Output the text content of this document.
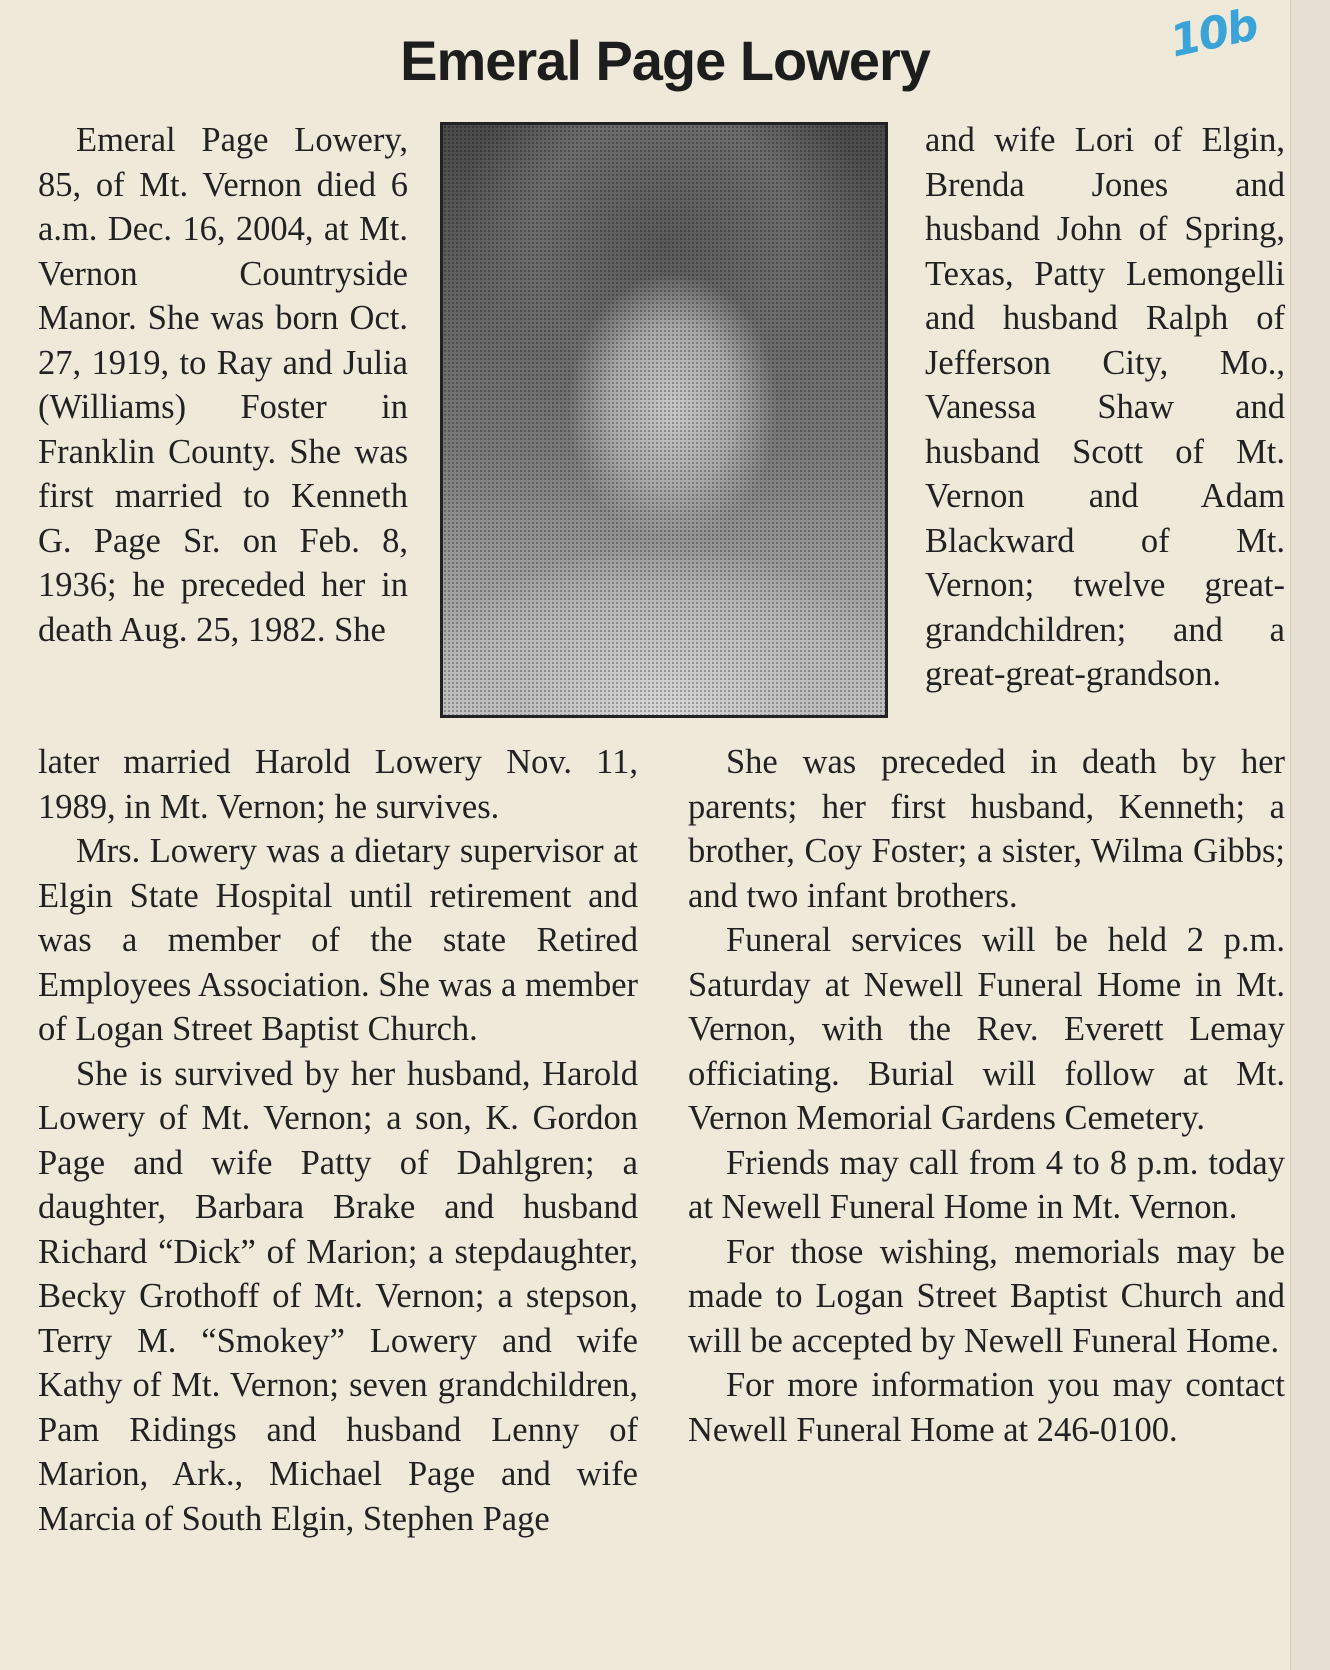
10b
Emeral Page Lowery

Emeral Page Lowery, 85, of Mt. Vernon died 6 a.m. Dec. 16, 2004, at Mt. Vernon Countryside Manor. She was born Oct. 27, 1919, to Ray and Julia (Williams) Foster in Franklin County. She was first married to Kenneth G. Page Sr. on Feb. 8, 1936; he preceded her in death Aug. 25, 1982. She

later married Harold Lowery Nov. 11, 1989, in Mt. Vernon; he survives.

Mrs. Lowery was a dietary supervisor at Elgin State Hospital until retirement and was a member of the state Retired Employees Association. She was a member of Logan Street Baptist Church.

She is survived by her husband, Harold Lowery of Mt. Vernon; a son, K. Gordon Page and wife Patty of Dahlgren; a daughter, Barbara Brake and husband Richard “Dick” of Marion; a stepdaughter, Becky Grothoff of Mt. Vernon; a stepson, Terry M. “Smokey” Lowery and wife Kathy of Mt. Vernon; seven grandchildren, Pam Ridings and husband Lenny of Marion, Ark., Michael Page and wife Marcia of South Elgin, Stephen Page

and wife Lori of Elgin, Brenda Jones and husband John of Spring, Texas, Patty Lemongelli and husband Ralph of Jefferson City, Mo., Vanessa Shaw and husband Scott of Mt. Vernon and Adam Blackward of Mt. Vernon; twelve great-grandchildren; and a great-great-grandson.

She was preceded in death by her parents; her first husband, Kenneth; a brother, Coy Foster; a sister, Wilma Gibbs; and two infant brothers.

Funeral services will be held 2 p.m. Saturday at Newell Funeral Home in Mt. Vernon, with the Rev. Everett Lemay officiating. Burial will follow at Mt. Vernon Memorial Gardens Cemetery.

Friends may call from 4 to 8 p.m. today at Newell Funeral Home in Mt. Vernon.

For those wishing, memorials may be made to Logan Street Baptist Church and will be accepted by Newell Funeral Home.

For more information you may contact Newell Funeral Home at 246-0100.
